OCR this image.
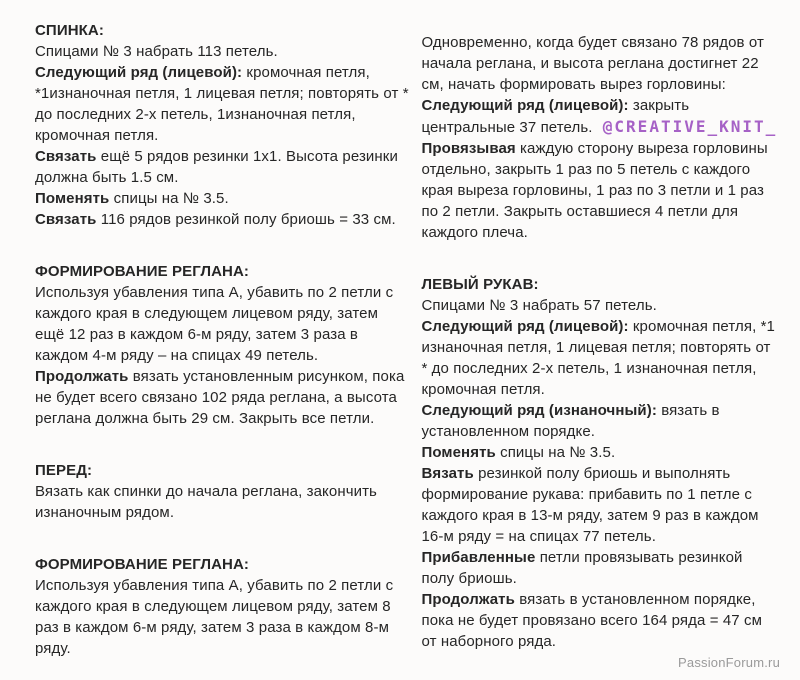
СПИНКА:

Спицами № 3 набрать 113 петель.

Следующий ряд (лицевой): кромочная петля, *1изнаночная петля, 1 лицевая петля; повторять от * до последних 2-х петель, 1изнаночная петля, кромочная петля.

Связать ещё 5 рядов резинки 1х1. Высота резинки должна быть 1.5 см.

Поменять спицы на № 3.5.

Связать 116 рядов резинкой полу бриошь = 33 см.

ФОРМИРОВАНИЕ РЕГЛАНА:

Используя убавления типа А, убавить по 2 петли с каждого края в следующем лицевом ряду, затем ещё 12 раз в каждом 6-м ряду, затем 3 раза в каждом 4-м ряду – на спицах 49 петель.

Продолжать вязать установленным рисунком, пока не будет всего связано 102 ряда реглана, а высота реглана должна быть 29 см. Закрыть все петли.

ПЕРЕД:

Вязать как спинки до начала реглана, закончить изнаночным рядом.

ФОРМИРОВАНИЕ РЕГЛАНА:

Используя убавления типа А, убавить по 2 петли с каждого края в следующем лицевом ряду, затем 8 раз в каждом 6-м ряду, затем 3 раза в каждом 8-м ряду.

Одновременно, когда будет связано 78 рядов от начала реглана, и высота реглана достигнет 22 см, начать формировать вырез горловины:

Следующий ряд (лицевой): закрыть центральные 37 петель. @CREATIVE_KNIT_

Провязывая каждую сторону выреза горловины отдельно, закрыть 1 раз по 5 петель с каждого края выреза горловины, 1 раз по 3 петли и 1 раз по 2 петли. Закрыть оставшиеся 4 петли для каждого плеча.

ЛЕВЫЙ РУКАВ:

Спицами № 3 набрать 57 петель.

Следующий ряд (лицевой): кромочная петля, *1 изнаночная петля, 1 лицевая петля; повторять от * до последних 2-х петель, 1 изнаночная петля, кромочная петля.

Следующий ряд (изнаночный): вязать в установленном порядке.

Поменять спицы на № 3.5.

Вязать резинкой полу бриошь и выполнять формирование рукава: прибавить по 1 петле с каждого края в 13-м ряду, затем 9 раз в каждом 16-м ряду = на спицах 77 петель.

Прибавленные петли провязывать резинкой полу бриошь.

Продолжать вязать в установленном порядке, пока не будет провязано всего 164 ряда = 47 см от наборного ряда.

PassionForum.ru
